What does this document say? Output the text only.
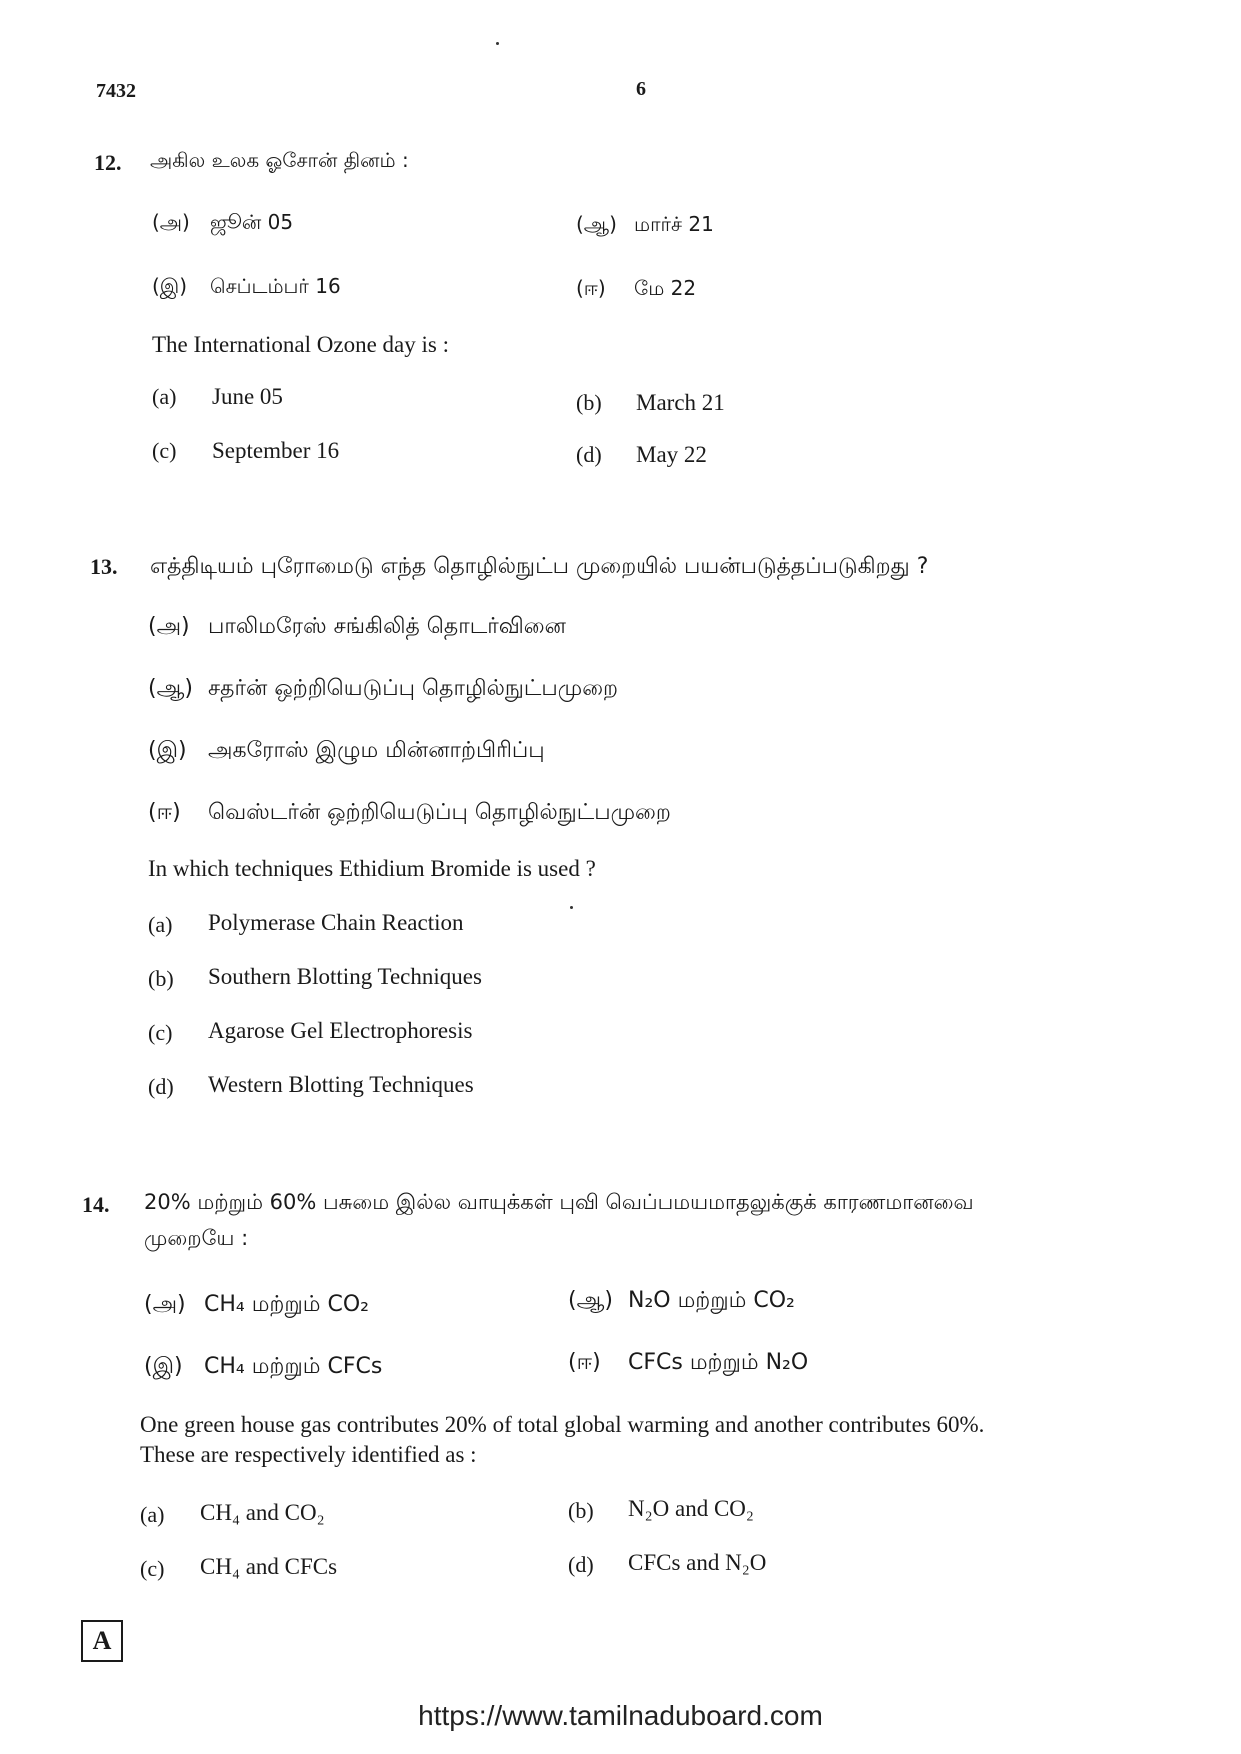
7432	6
12. அகில உலக ஓசோன் தினம் :
(அ) ஜூன் 05	(ஆ) மார்ச் 21
(இ) செப்டம்பர் 16	(ஈ) மே 22
The International Ozone day is :
(a) June 05	(b) March 21
(c) September 16	(d) May 22
13. எத்திடியம் புரோமைடு எந்த தொழில்நுட்ப முறையில் பயன்படுத்தப்படுகிறது ?
(அ) பாலிமரேஸ் சங்கிலித் தொடர்வினை
(ஆ) சதர்ன் ஒற்றியெடுப்பு தொழில்நுட்பமுறை
(இ) அகரோஸ் இழும மின்னாற்பிரிப்பு
(ஈ) வெஸ்டர்ன் ஒற்றியெடுப்பு தொழில்நுட்பமுறை
In which techniques Ethidium Bromide is used ?
(a) Polymerase Chain Reaction
(b) Southern Blotting Techniques
(c) Agarose Gel Electrophoresis
(d) Western Blotting Techniques
14. 20% மற்றும் 60% பசுமை இல்ல வாயுக்கள் புவி வெப்பமயமாதலுக்குக் காரணமானவை
முறையே :
(அ) CH₄ மற்றும் CO₂	(ஆ) N₂O மற்றும் CO₂
(இ) CH₄ மற்றும் CFCs	(ஈ) CFCs மற்றும் N₂O
One green house gas contributes 20% of total global warming and another contributes 60%.
These are respectively identified as :
(a) CH₄ and CO₂	(b) N₂O and CO₂
(c) CH₄ and CFCs	(d) CFCs and N₂O
A
https://www.tamilnaduboard.com
